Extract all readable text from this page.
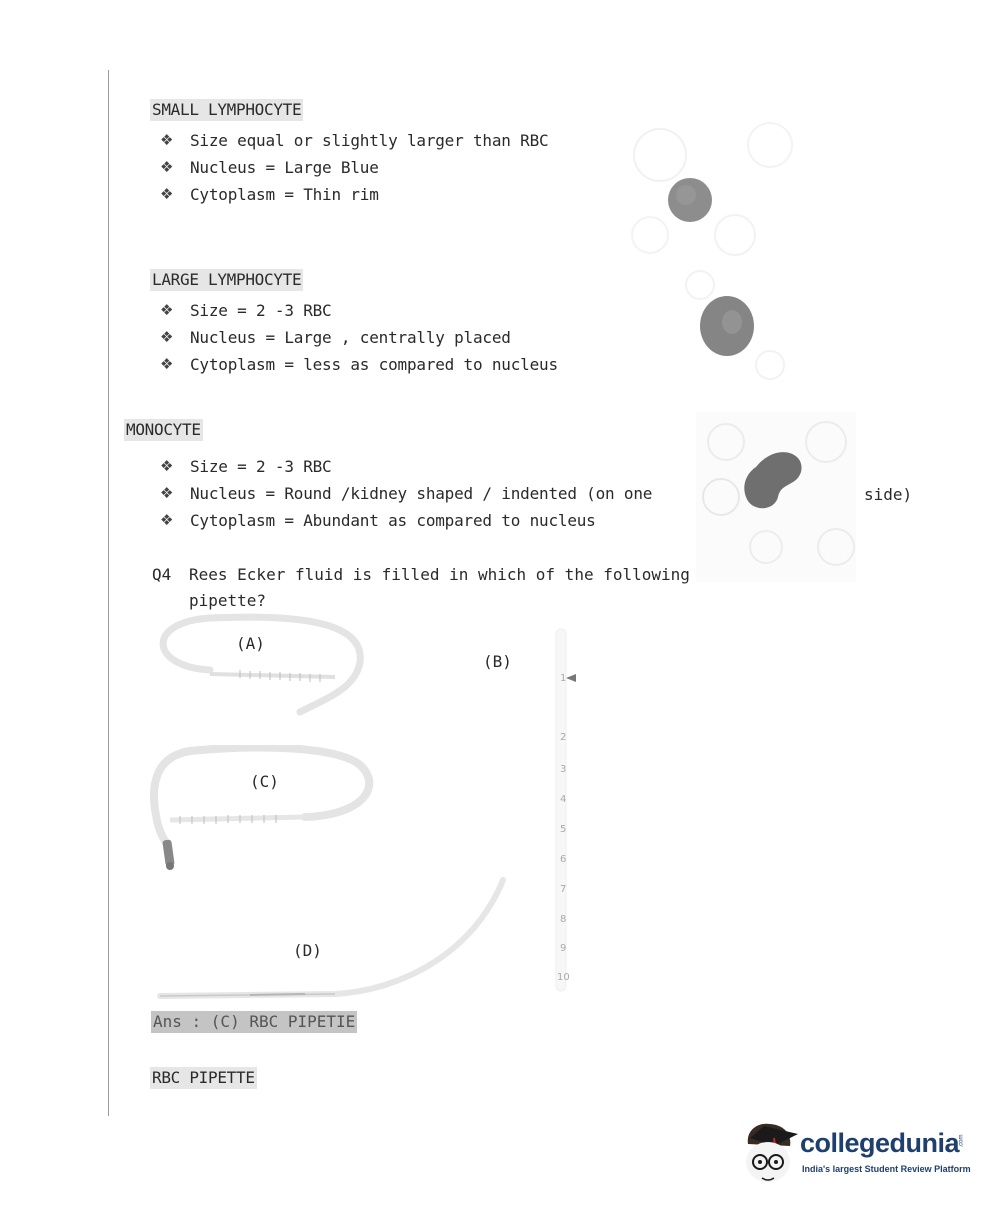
SMALL LYMPHOCYTE
❖ Size equal or slightly larger than RBC
❖ Nucleus = Large Blue
❖ Cytoplasm = Thin rim
LARGE LYMPHOCYTE
❖ Size = 2 -3 RBC
❖ Nucleus = Large , centrally placed
❖ Cytoplasm = less as compared to nucleus
MONOCYTE
❖ Size = 2 -3 RBC
❖ Nucleus = Round /kidney shaped / indented (on one
❖ Cytoplasm = Abundant as compared to nucleus
side)
Q4 Rees Ecker fluid is filled in which of the following pipette?
(A)
(B)
1
2
3
4
5
6
7
8
9
10
(C)
(D)
Ans : (C) RBC PIPETIE
RBC PIPETTE
collegedunia .com
India's largest Student Review Platform
